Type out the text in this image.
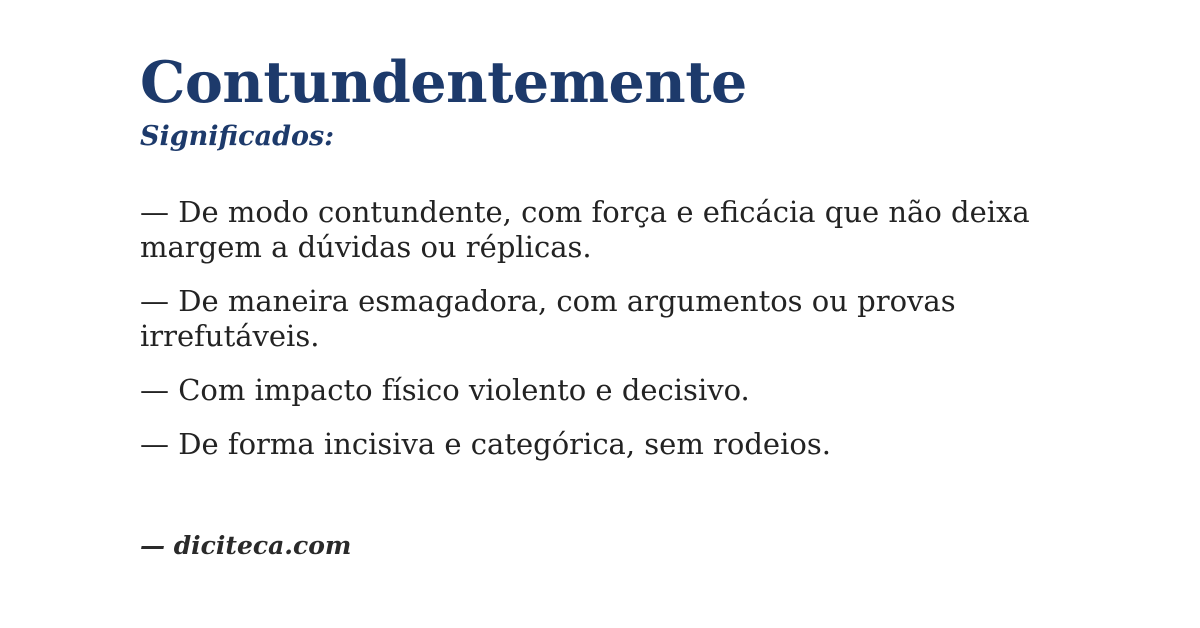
Contundentemente
Significados:

— De modo contundente, com força e eficácia que não deixa margem a dúvidas ou réplicas.

— De maneira esmagadora, com argumentos ou provas irrefutáveis.

— Com impacto físico violento e decisivo.

— De forma incisiva e categórica, sem rodeios.

— diciteca.com
